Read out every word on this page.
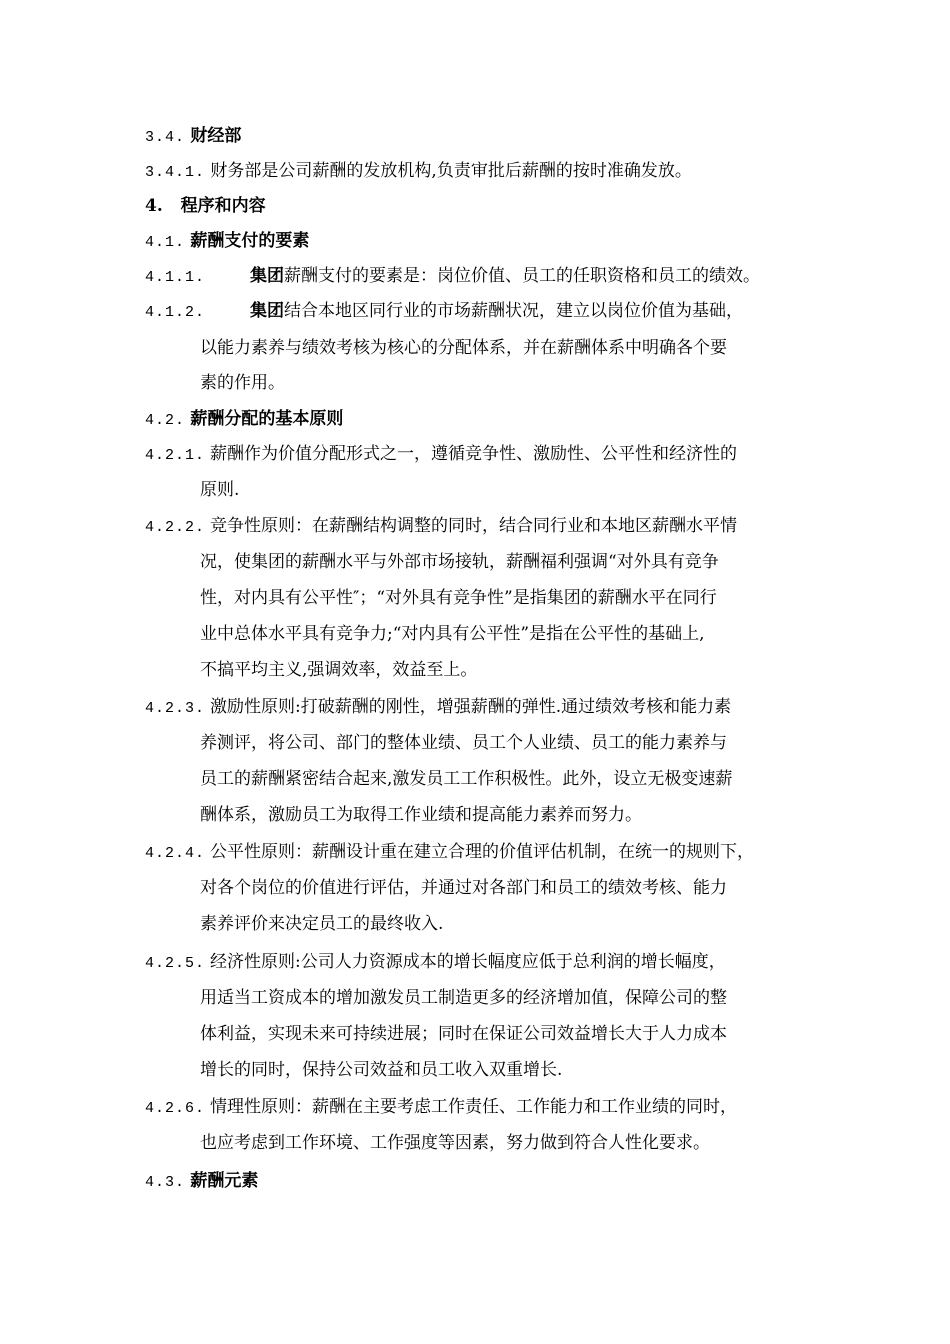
3.4. 财经部
3.4.1. 财务部是公司薪酬的发放机构,负责审批后薪酬的按时准确发放。
4. 程序和内容
4.1. 薪酬支付的要素
4.1.1.	集团薪酬支付的要素是：岗位价值、员工的任职资格和员工的绩效。
4.1.2.	集团结合本地区同行业的市场薪酬状况，建立以岗位价值为基础，
以能力素养与绩效考核为核心的分配体系，并在薪酬体系中明确各个要
素的作用。
4.2. 薪酬分配的基本原则
4.2.1. 薪酬作为价值分配形式之一，遵循竞争性、激励性、公平性和经济性的
原则.
4.2.2. 竞争性原则：在薪酬结构调整的同时，结合同行业和本地区薪酬水平情
况，使集团的薪酬水平与外部市场接轨，薪酬福利强调“对外具有竞争
性，对内具有公平性″；“对外具有竞争性”是指集团的薪酬水平在同行
业中总体水平具有竞争力;“对内具有公平性”是指在公平性的基础上,
不搞平均主义,强调效率，效益至上。
4.2.3. 激励性原则:打破薪酬的刚性，增强薪酬的弹性.通过绩效考核和能力素
养测评，将公司、部门的整体业绩、员工个人业绩、员工的能力素养与
员工的薪酬紧密结合起来,激发员工工作积极性。此外，设立无极变速薪
酬体系，激励员工为取得工作业绩和提高能力素养而努力。
4.2.4. 公平性原则：薪酬设计重在建立合理的价值评估机制，在统一的规则下，
对各个岗位的价值进行评估，并通过对各部门和员工的绩效考核、能力
素养评价来决定员工的最终收入.
4.2.5. 经济性原则:公司人力资源成本的增长幅度应低于总利润的增长幅度，
用适当工资成本的增加激发员工制造更多的经济增加值，保障公司的整
体利益，实现未来可持续进展；同时在保证公司效益增长大于人力成本
增长的同时，保持公司效益和员工收入双重增长.
4.2.6. 情理性原则：薪酬在主要考虑工作责任、工作能力和工作业绩的同时，
也应考虑到工作环境、工作强度等因素，努力做到符合人性化要求。
4.3. 薪酬元素
